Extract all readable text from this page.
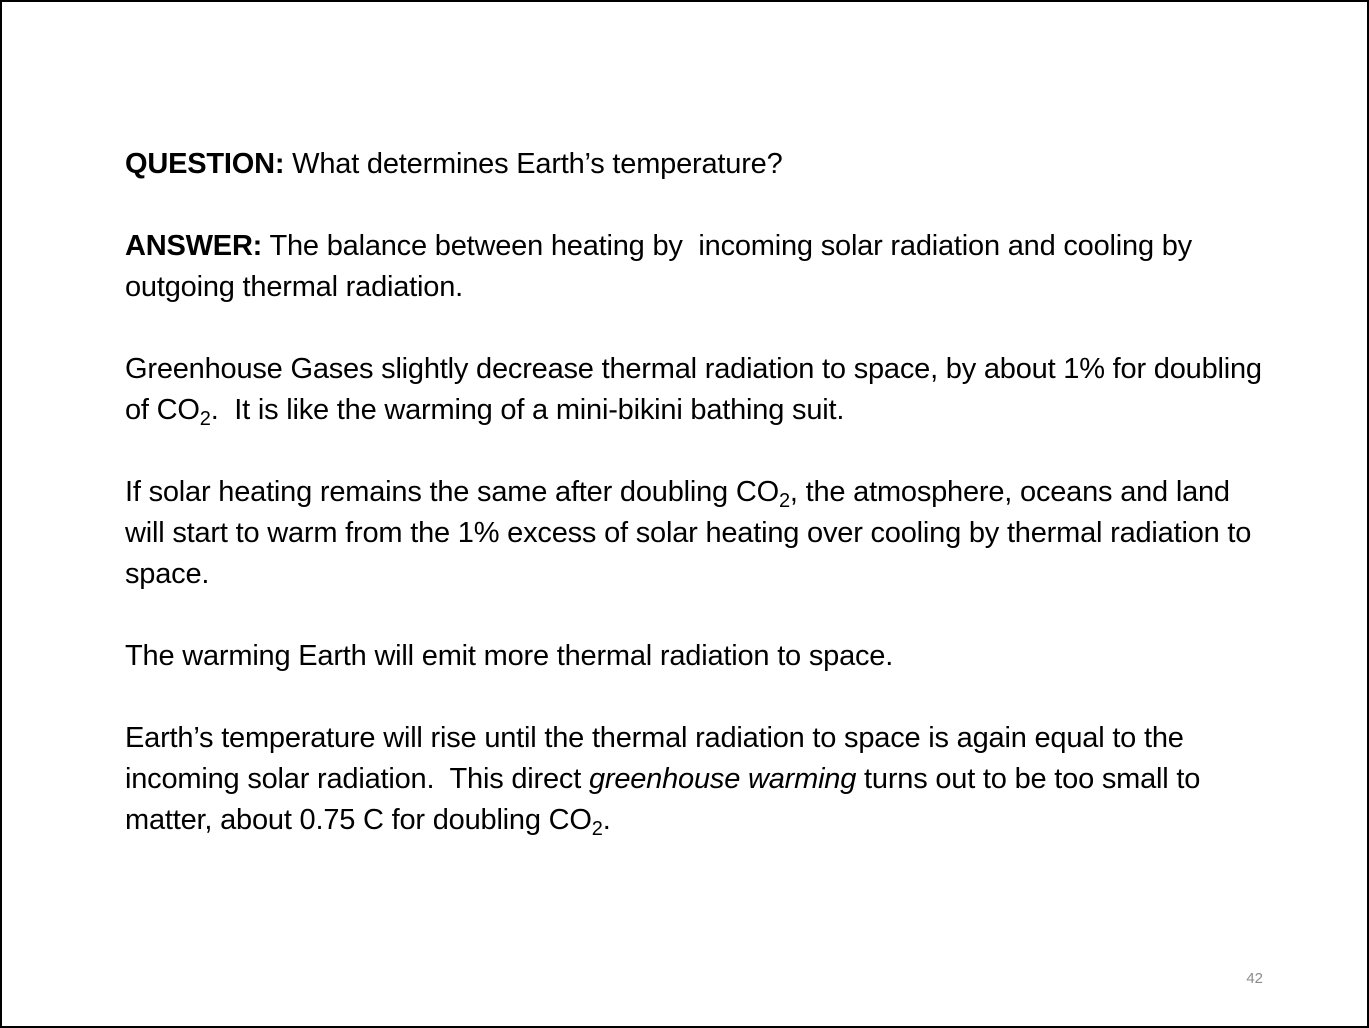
QUESTION: What determines Earth’s temperature?

ANSWER: The balance between heating by  incoming solar radiation and cooling by outgoing thermal radiation.

Greenhouse Gases slightly decrease thermal radiation to space, by about 1% for doubling of $CO_2$.  It is like the warming of a mini-bikini bathing suit.

If solar heating remains the same after doubling $CO_2$, the atmosphere, oceans and land will start to warm from the 1% excess of solar heating over cooling by thermal radiation to space.

The warming Earth will emit more thermal radiation to space.

Earth’s temperature will rise until the thermal radiation to space is again equal to the incoming solar radiation.  This direct greenhouse warming turns out to be too small to matter, about 0.75 C for doubling $CO_2$.

42
